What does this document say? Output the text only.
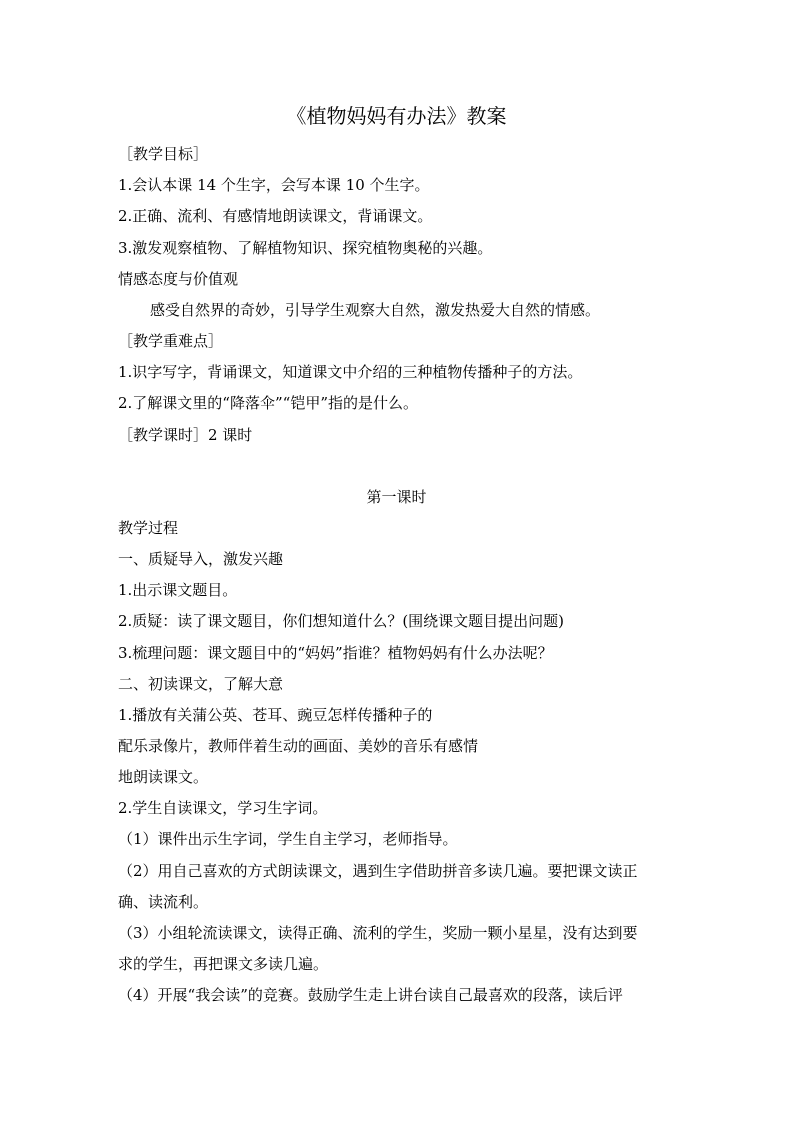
《植物妈妈有办法》教案
［教学目标］
1.会认本课 14 个生字，会写本课 10 个生字。
2.正确、流利、有感情地朗读课文，背诵课文。
3.激发观察植物、了解植物知识、探究植物奥秘的兴趣。
情感态度与价值观
感受自然界的奇妙，引导学生观察大自然，激发热爱大自然的情感。
［教学重难点］
1.识字写字，背诵课文，知道课文中介绍的三种植物传播种子的方法。
2.了解课文里的“降落伞”“铠甲”指的是什么。
［教学课时］2 课时
第一课时
教学过程
一、质疑导入，激发兴趣
1.出示课文题目。
2.质疑：读了课文题目，你们想知道什么？(围绕课文题目提出问题)
3.梳理问题：课文题目中的“妈妈”指谁？植物妈妈有什么办法呢？
二、初读课文，了解大意
1.播放有关蒲公英、苍耳、豌豆怎样传播种子的
配乐录像片，教师伴着生动的画面、美妙的音乐有感情
地朗读课文。
2.学生自读课文，学习生字词。
（1）课件出示生字词，学生自主学习，老师指导。
（2）用自己喜欢的方式朗读课文，遇到生字借助拼音多读几遍。要把课文读正
确、读流利。
（3）小组轮流读课文，读得正确、流利的学生，奖励一颗小星星，没有达到要
求的学生，再把课文多读几遍。
（4）开展“我会读”的竞赛。鼓励学生走上讲台读自己最喜欢的段落，读后评
